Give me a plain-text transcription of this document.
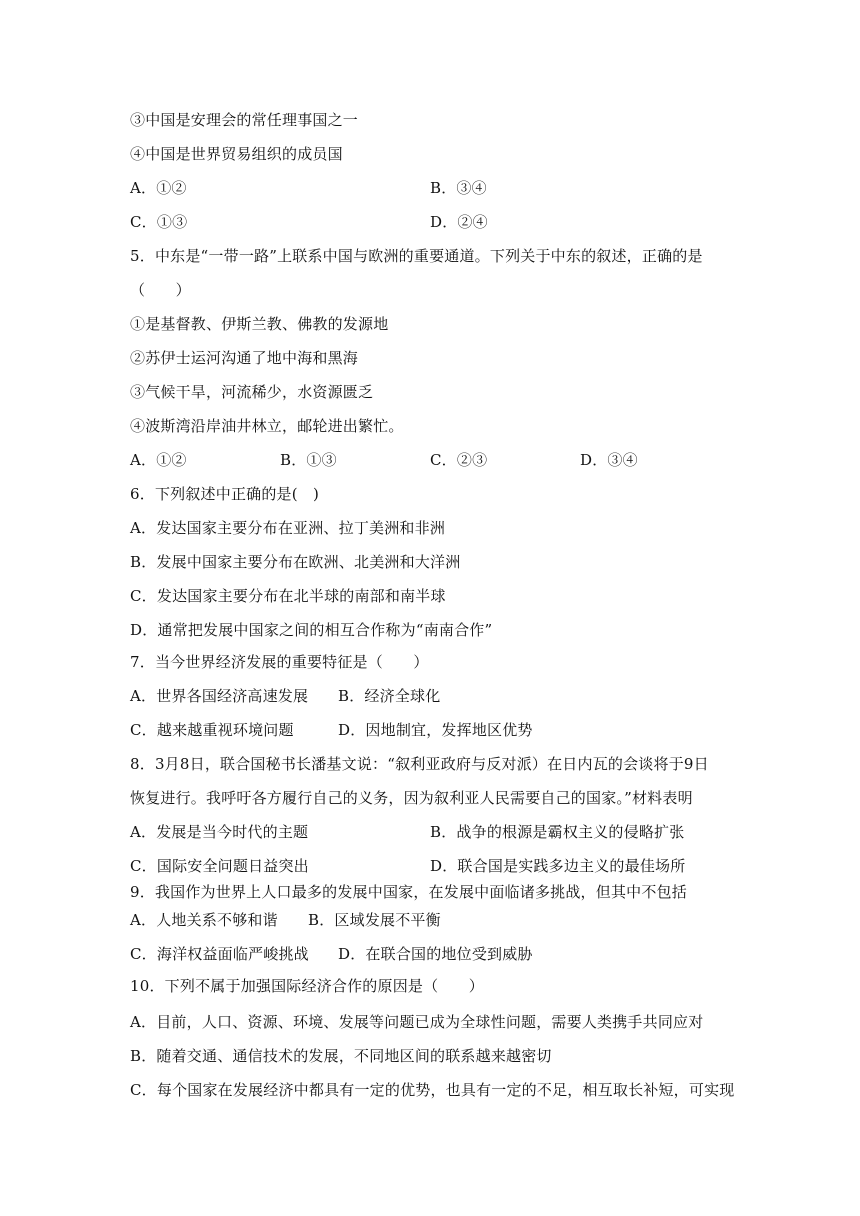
③中国是安理会的常任理事国之一
④中国是世界贸易组织的成员国
A．①②	B．③④
C．①③	D．②④
5．中东是“一带一路”上联系中国与欧洲的重要通道。下列关于中东的叙述，正确的是
（　　）
①是基督教、伊斯兰教、佛教的发源地
②苏伊士运河沟通了地中海和黑海
③气候干旱，河流稀少，水资源匮乏
④波斯湾沿岸油井林立，邮轮进出繁忙。
A．①②	B．①③	C．②③	D．③④
6．下列叙述中正确的是(　)
A．发达国家主要分布在亚洲、拉丁美洲和非洲
B．发展中国家主要分布在欧洲、北美洲和大洋洲
C．发达国家主要分布在北半球的南部和南半球
D．通常把发展中国家之间的相互合作称为“南南合作”
7．当今世界经济发展的重要特征是（　　）
A．世界各国经济高速发展 B．经济全球化
C．越来越重视环境问题	D．因地制宜，发挥地区优势
8．3月8日，联合国秘书长潘基文说：“叙利亚政府与反对派）在日内瓦的会谈将于9日
恢复进行。我呼吁各方履行自己的义务，因为叙利亚人民需要自己的国家。”材料表明
A．发展是当今时代的主题	B．战争的根源是霸权主义的侵略扩张
C．国际安全问题日益突出	D．联合国是实践多边主义的最佳场所
9．我国作为世界上人口最多的发展中国家，在发展中面临诸多挑战，但其中不包括
A．人地关系不够和谐 B．区域发展不平衡
C．海洋权益面临严峻挑战 D．在联合国的地位受到威胁
10．下列不属于加强国际经济合作的原因是（　　）
A．目前，人口、资源、环境、发展等问题已成为全球性问题，需要人类携手共同应对
B．随着交通、通信技术的发展，不同地区间的联系越来越密切
C．每个国家在发展经济中都具有一定的优势，也具有一定的不足，相互取长补短，可实现
